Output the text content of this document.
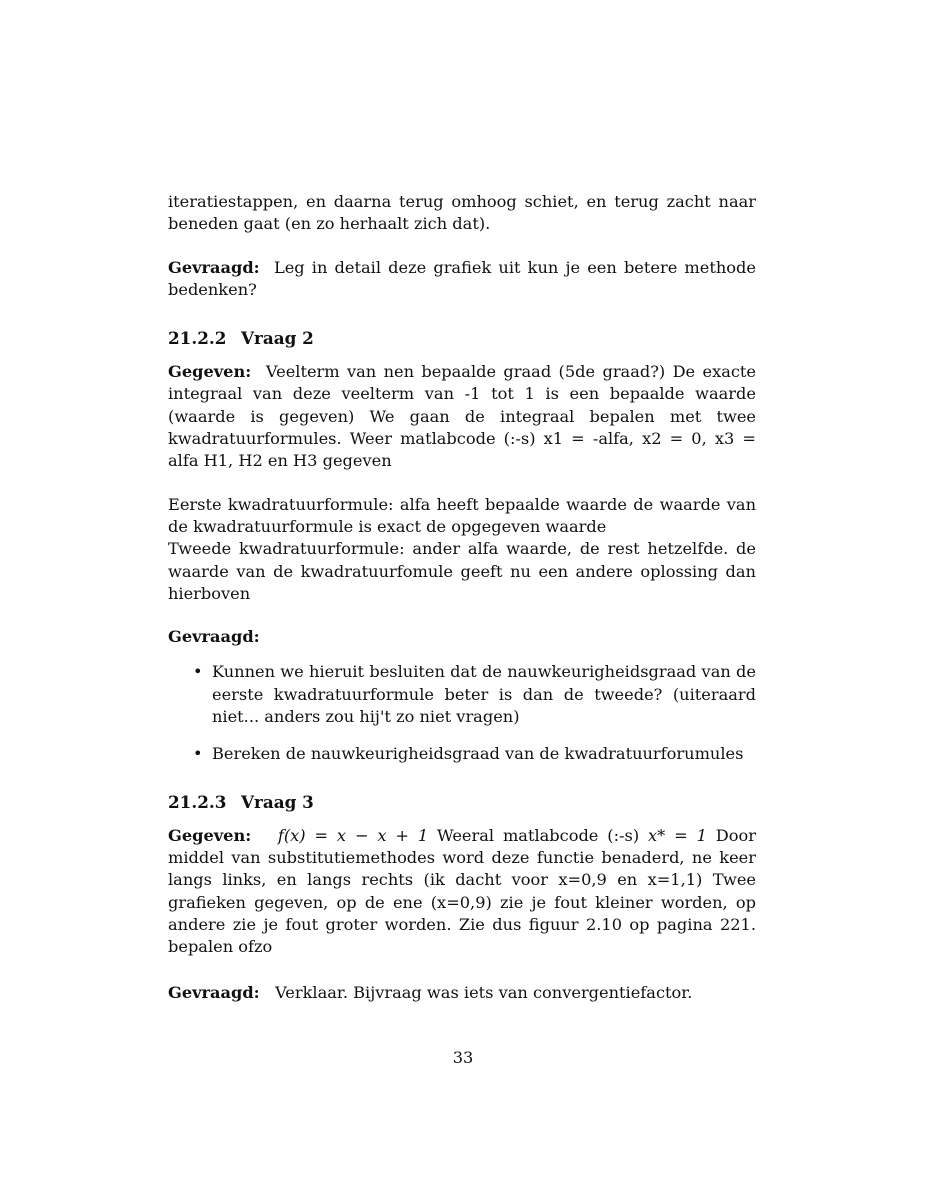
iteratiestappen, en daarna terug omhoog schiet, en terug zacht naar beneden gaat (en zo herhaalt zich dat).

Gevraagd: Leg in detail deze grafiek uit kun je een betere methode bedenken?

21.2.2 Vraag 2

Gegeven: Veelterm van nen bepaalde graad (5de graad?) De exacte integraal van deze veelterm van -1 tot 1 is een bepaalde waarde (waarde is gegeven) We gaan de integraal bepalen met twee kwadratuurformules. Weer matlabcode (:-s) x1 = -alfa, x2 = 0, x3 = alfa H1, H2 en H3 gegeven

Eerste kwadratuurformule: alfa heeft bepaalde waarde de waarde van de kwadratuurformule is exact de opgegeven waarde

Tweede kwadratuurformule: ander alfa waarde, de rest hetzelfde. de waarde van de kwadratuurfomule geeft nu een andere oplossing dan hierboven

Gevraagd:

• Kunnen we hieruit besluiten dat de nauwkeurigheidsgraad van de eerste kwadratuurformule beter is dan de tweede? (uiteraard niet... anders zou hij't zo niet vragen)
• Bereken de nauwkeurigheidsgraad van de kwadratuurforumules
21.2.3 Vraag 3

Gegeven: f(x) = x − x + 1 Weeral matlabcode (:-s) x* = 1 Door middel van substitutiemethodes word deze functie benaderd, ne keer langs links, en langs rechts (ik dacht voor x=0,9 en x=1,1) Twee grafieken gegeven, op de ene (x=0,9) zie je fout kleiner worden, op andere zie je fout groter worden. Zie dus figuur 2.10 op pagina 221. bepalen ofzo

Gevraagd: Verklaar. Bijvraag was iets van convergentiefactor.

33
